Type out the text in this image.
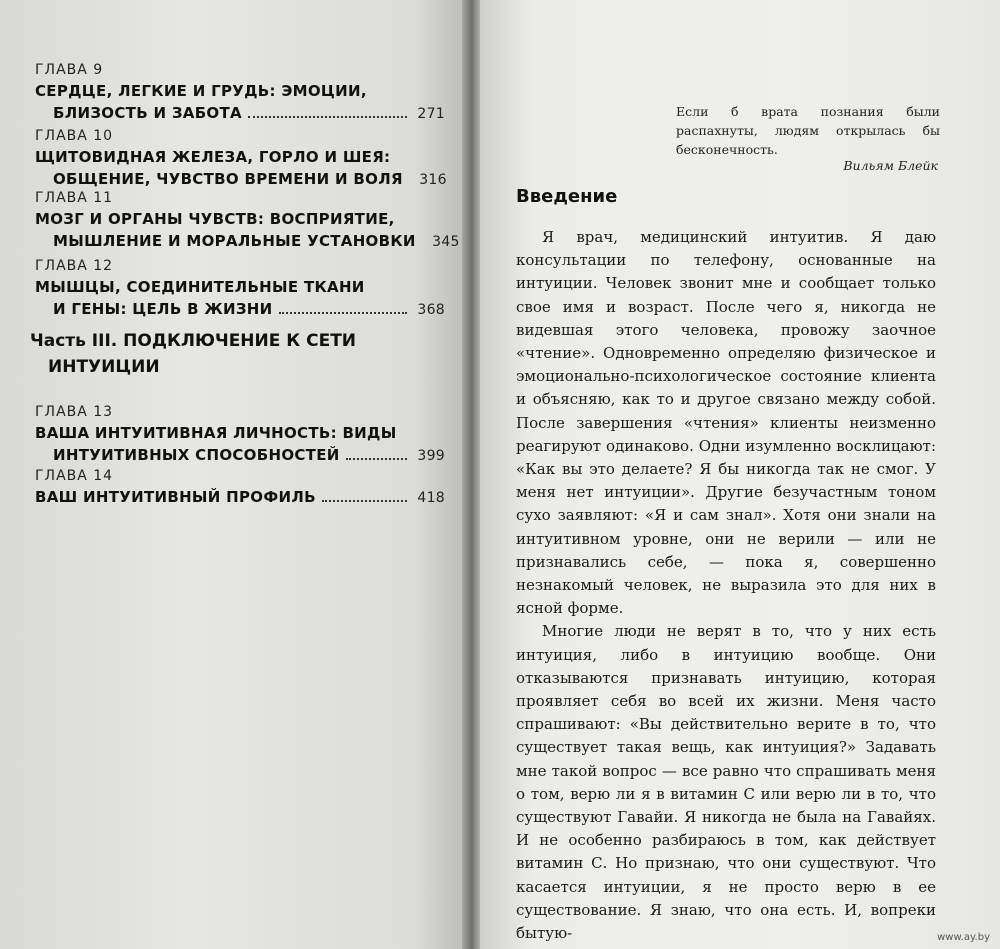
ГЛАВА 9
СЕРДЦЕ, ЛЕГКИЕ И ГРУДЬ: ЭМОЦИИ,
БЛИЗОСТЬ И ЗАБОТА	271
ГЛАВА 10
ЩИТОВИДНАЯ ЖЕЛЕЗА, ГОРЛО И ШЕЯ:
ОБЩЕНИЕ, ЧУВСТВО ВРЕМЕНИ И ВОЛЯ 316
ГЛАВА 11
МОЗГ И ОРГАНЫ ЧУВСТВ: ВОСПРИЯТИЕ,
МЫШЛЕНИЕ И МОРАЛЬНЫЕ УСТАНОВКИ 345
ГЛАВА 12
МЫШЦЫ, СОЕДИНИТЕЛЬНЫЕ ТКАНИ
И ГЕНЫ: ЦЕЛЬ В ЖИЗНИ	368
ГЛАВА 13
ВАША ИНТУИТИВНАЯ ЛИЧНОСТЬ: ВИДЫ
ИНТУИТИВНЫХ СПОСОБНОСТЕЙ	399
ГЛАВА 14
ВАШ ИНТУИТИВНЫЙ ПРОФИЛЬ	418
Часть III. ПОДКЛЮЧЕНИЕ К СЕТИ
ИНТУИЦИИ
Если б врата познания были распахнуты, людям открылась бы бесконечность.
Вильям Блейк
Введение

Я врач, медицинский интуитив. Я даю консультации по телефону, основанные на интуиции. Человек звонит мне и сообщает только свое имя и возраст. После чего я, никогда не видевшая этого человека, провожу заочное «чтение». Одновременно определяю физическое и эмоционально-психологическое состояние клиента и объясняю, как то и другое связано между собой. После завершения «чтения» клиенты неизменно реагируют одинаково. Одни изумленно восклицают: «Как вы это делаете? Я бы никогда так не смог. У меня нет интуиции». Другие безучастным тоном сухо заявляют: «Я и сам знал». Хотя они знали на интуитивном уровне, они не верили — или не признавались себе, — пока я, совершенно незнакомый человек, не выразила это для них в ясной форме.

Многие люди не верят в то, что у них есть интуиция, либо в интуицию вообще. Они отказываются признавать интуицию, которая проявляет себя во всей их жизни. Меня часто спрашивают: «Вы действительно верите в то, что существует такая вещь, как интуиция?» Задавать мне такой вопрос — все равно что спрашивать меня о том, верю ли я в витамин С или верю ли в то, что существуют Гавайи. Я никогда не была на Гавайях. И не особенно разбираюсь в том, как действует витамин С. Но признаю, что они существуют. Что касается интуиции, я не просто верю в ее существование. Я знаю, что она есть. И, вопреки бытую-	www.ay.by
